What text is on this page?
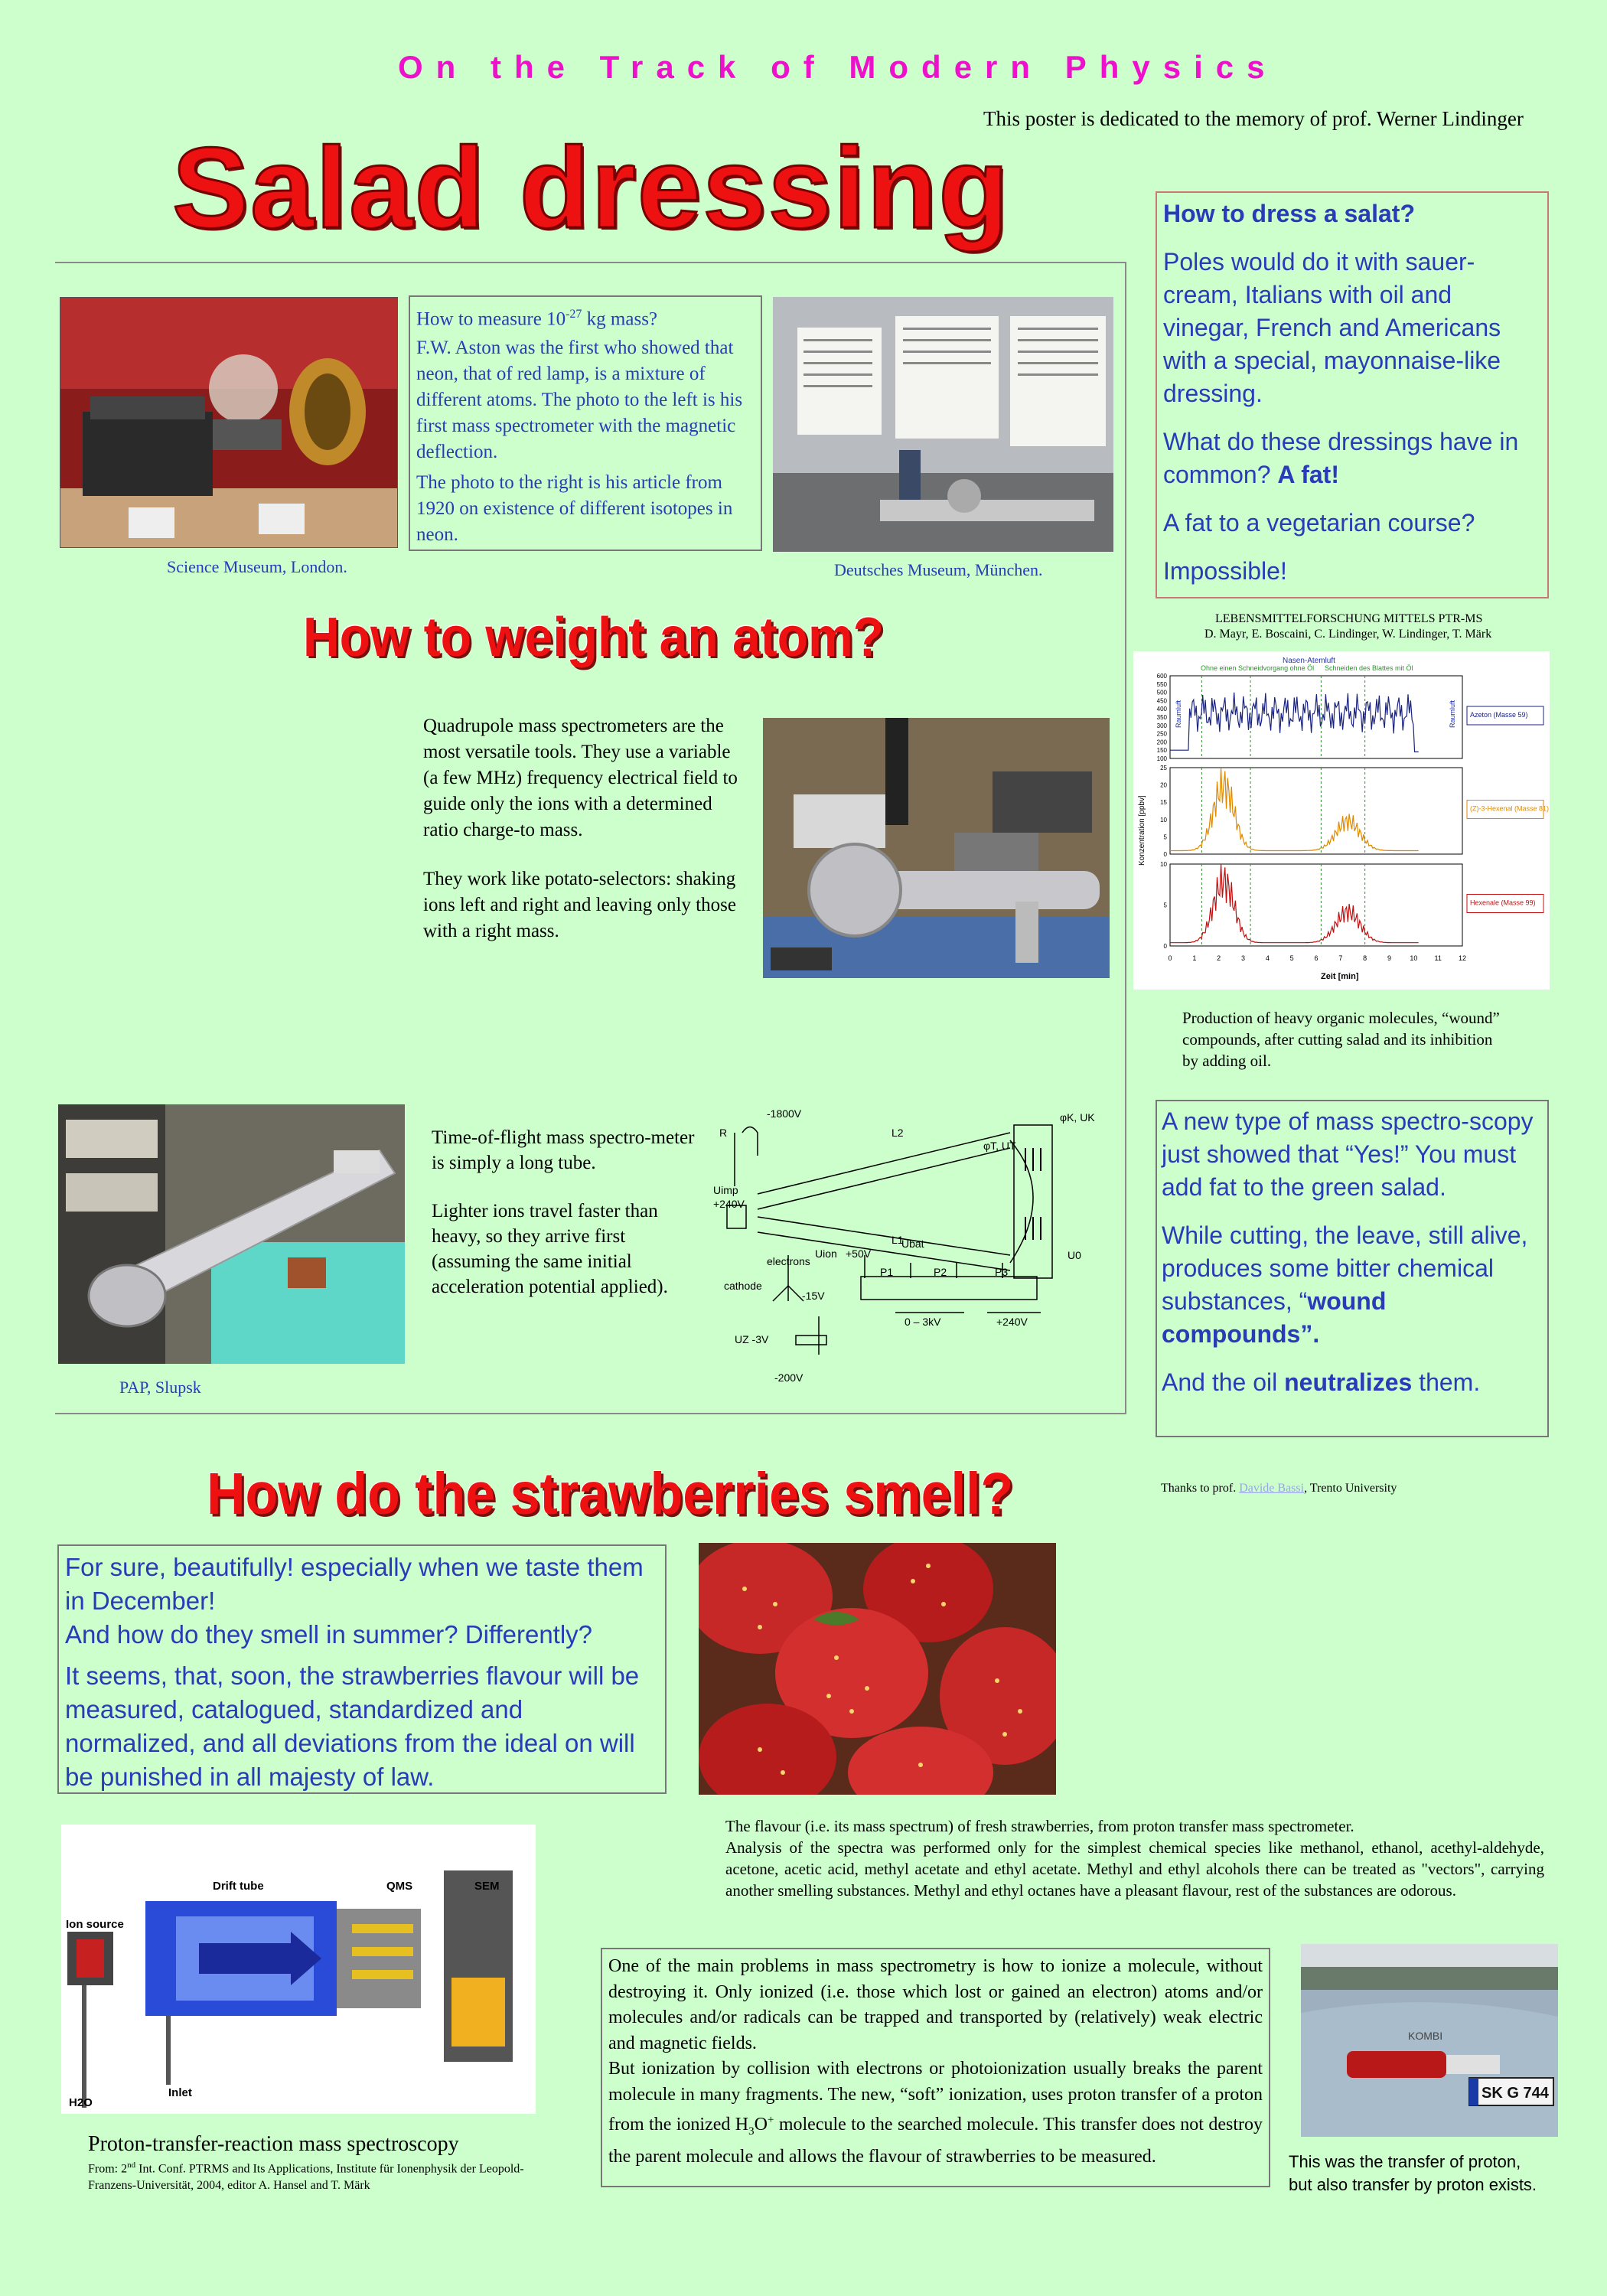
On the Track of Modern Physics
This poster is dedicated to the memory of prof. Werner Lindinger
Salad dressing
Science Museum, London.

How to measure $10^{-27}$ kg mass?

F.W. Aston was the first who showed that neon, that of red lamp, is a mixture of different atoms. The photo to the left is his first mass spectrometer with the magnetic deflection.

The photo to the right is his article from 1920 on existence of different isotopes in neon.

Deutsches Museum, München.

How to dress a salat?

Poles would do it with sauer-cream, Italians with oil and vinegar, French and Americans with a special, mayonnaise-like dressing.

What do these dressings have in common? A fat!

A fat to a vegetarian course?

Impossible!

How to weight an atom?	LEBENSMITTELFORSCHUNG MITTELS PTR-MS
D. Mayr, E. Boscaini, C. Lindinger, W. Lindinger, T. Märk
Konzentration [ppbv]
Zeit [min]
Nasen-Atemluft
Ohne einen Schneidvorgang ohne Öl Schneiden des Blattes mit Öl
Raumluft	Raumluft
600
550
500
450
400
350
300
250
200
150
100
Azeton (Masse 59)
25
20
15
10
5
0
(Z)-3-Hexenal (Masse 81)
10
5
0
Hexenale (Masse 99)
0	1	2	3	4	5	6	7	8	9	10 11 12
Production of heavy organic molecules, “wound” compounds, after cutting salad and its inhibition by adding oil.

Quadrupole mass spectrometers are the most versatile tools. They use a variable (a few MHz) frequency electrical field to guide only the ions with a determined ratio charge-to mass.

They work like potato-selectors: shaking ions left and right and leaving only those with a right mass.

PAP, Slupsk

Time-of-flight mass spectro-meter is simply a long tube.

Lighter ions travel faster than heavy, so they arrive first (assuming the same initial acceleration potential applied).

-1800V	φK, UK
R
Uimp
+240V
L1
L2
φT, UT
electrons
Uion +50V
cathode
-15V
UZ -3V
-200V
Ubat
U0
P1	P2	P3
0 – 3kV	+240V

A new type of mass spectro-scopy just showed that “Yes!” You must add fat to the green salad.

While cutting, the leave, still alive, produces some bitter chemical substances, “wound compounds”.

And the oil neutralizes them.

Thanks to prof. Davide Bassi, Trento University
How do the strawberries smell?

For sure, beautifully! especially when we taste them in December!

And how do they smell in summer? Differently?

It seems, that, soon, the strawberries flavour will be measured, catalogued, standardized and normalized, and all deviations from the ideal on will be punished in all majesty of law.

Drift tube	QMS	SEM
Ion source
Inlet
H2O
Proton-transfer-reaction mass spectroscopy
From: 2nd Int. Conf. PTRMS and Its Applications, Institute für Ionenphysik der Leopold-Franzens-Universität, 2004, editor A. Hansel and T. Märk

The flavour (i.e. its mass spectrum) of fresh strawberries, from proton transfer mass spectrometer.

Analysis of the spectra was performed only for the simplest chemical species like methanol, ethanol, acethyl-aldehyde, acetone, acetic acid, methyl acetate and ethyl acetate. Methyl and ethyl alcohols there can be treated as "vectors", carrying another smelling substances. Methyl and ethyl octanes have a pleasant flavour, rest of the substances are odorous.

One of the main problems in mass spectrometry is how to ionize a molecule, without destroying it. Only ionized (i.e. those which lost or gained an electron) atoms and/or molecules and/or radicals can be trapped and transported by (relatively) weak electric and magnetic fields.

But ionization by collision with electrons or photoionization usually breaks the parent molecule in many fragments. The new, “soft” ionization, uses proton transfer of a proton from the ionized $H_3O^+$ molecule to the searched molecule. This transfer does not destroy the parent molecule and allows the flavour of strawberries to be measured.

SK G 744
KOMBI

This was the transfer of proton,

but also transfer by proton exists.
